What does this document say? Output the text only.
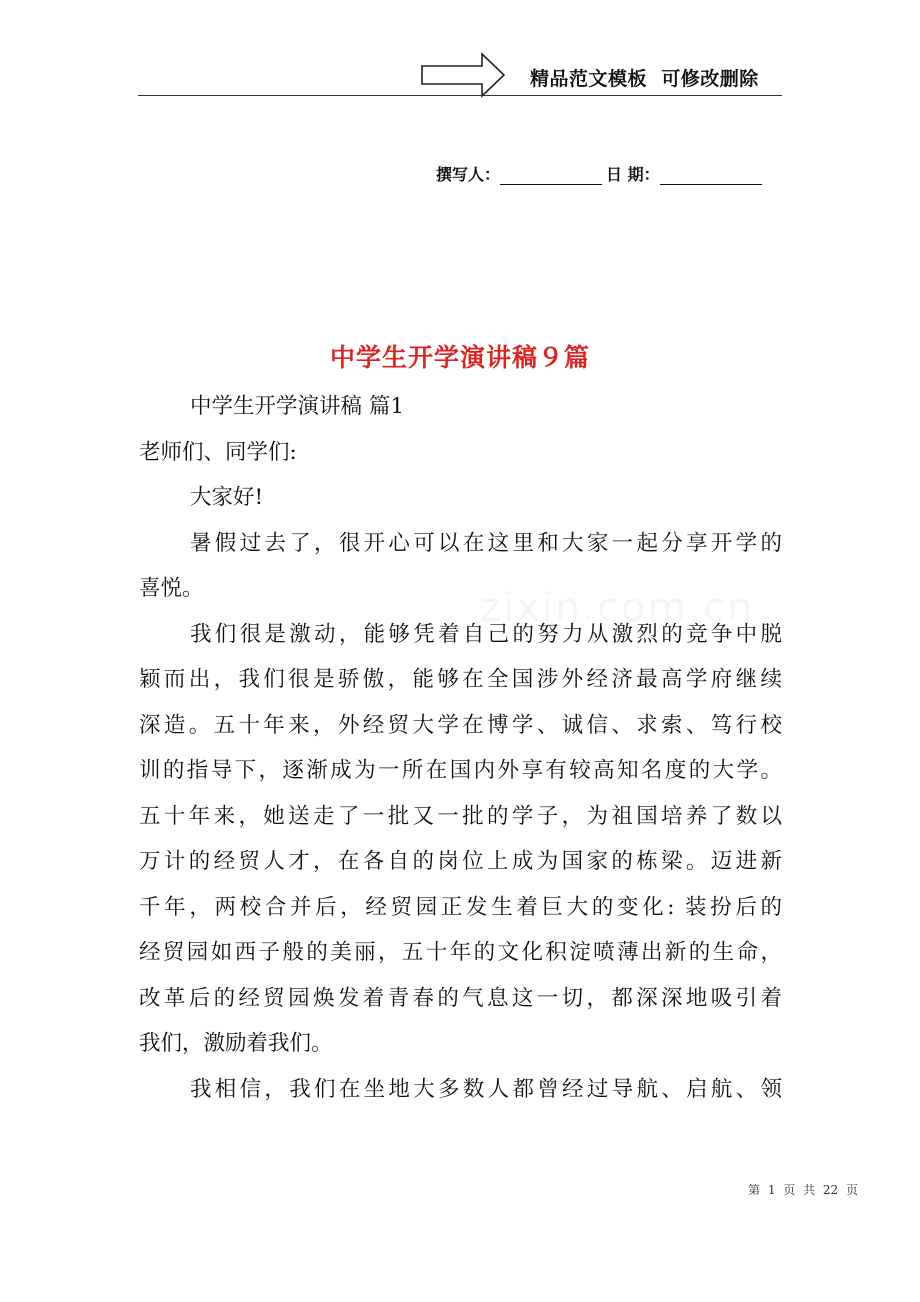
精品范文模板  可修改删除
撰写人：	日 期：
中学生开学演讲稿９篇
中学生开学演讲稿 篇1
老师们、同学们:
大家好!
暑假过去了，很开心可以在这里和大家一起分享开学的
喜悦。
我们很是激动，能够凭着自己的努力从激烈的竞争中脱
颖而出，我们很是骄傲，能够在全国涉外经济最高学府继续
深造。五十年来，外经贸大学在博学、诚信、求索、笃行校
训的指导下，逐渐成为一所在国内外享有较高知名度的大学。
五十年来，她送走了一批又一批的学子，为祖国培养了数以
万计的经贸人才，在各自的岗位上成为国家的栋梁。迈进新
千年，两校合并后，经贸园正发生着巨大的变化: 装扮后的
经贸园如西子般的美丽，五十年的文化积淀喷薄出新的生命，
改革后的经贸园焕发着青春的气息这一切，都深深地吸引着
我们，激励着我们。
我相信，我们在坐地大多数人都曾经过导航、启航、领
第 1 页 共 22 页
